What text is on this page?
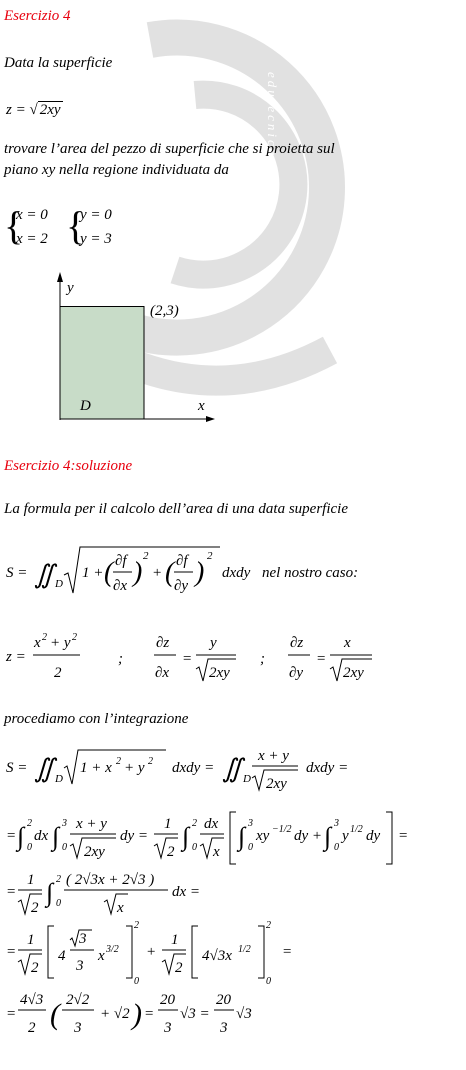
edutecnica
Esercizio 4
Data la superficie
z = √ 2xy
trovare l’area del pezzo di superficie che si proietta sul
piano xy nella regione individuata da
{
x = 0
x = 2 {
y = 0
y = 3
y
x
(2,3)
D
Esercizio 4:soluzione
La formula per il calcolo dell’area di una data superficie
S = ∬ D
1 + ( ∂f
∂x )
2
+ ( ∂f
∂y )
2
dxdy nel nostro caso:
z =
x 2 + y 2
2
;
∂z
∂x
=
y
2xy
;
∂z
∂y
=
x
2xy
procediamo con l’integrazione
S = ∬ D
1 + x 2 + y 2 dxdy = ∬ D
x + y
2xy
dxdy =
= ∫ 2
0
dx ∫ 3
0
x + y
2xy
dy =
1
2
∫ 2
0
dx
x
∫ 3
0
xy −1/2 dy + ∫ 3
0
y 1/2 dy =
=
1
2
∫ 2
0
( 2√3x + 2√3 )
x
dx =
=
1
2
4
3
3
x 3/2
2
0
+
1
2
4√3x 1/2
2
0
=
=
4√3
2 ( 2√2
3
+ √2 ) =
20
3
√3 =
20
3
√3
